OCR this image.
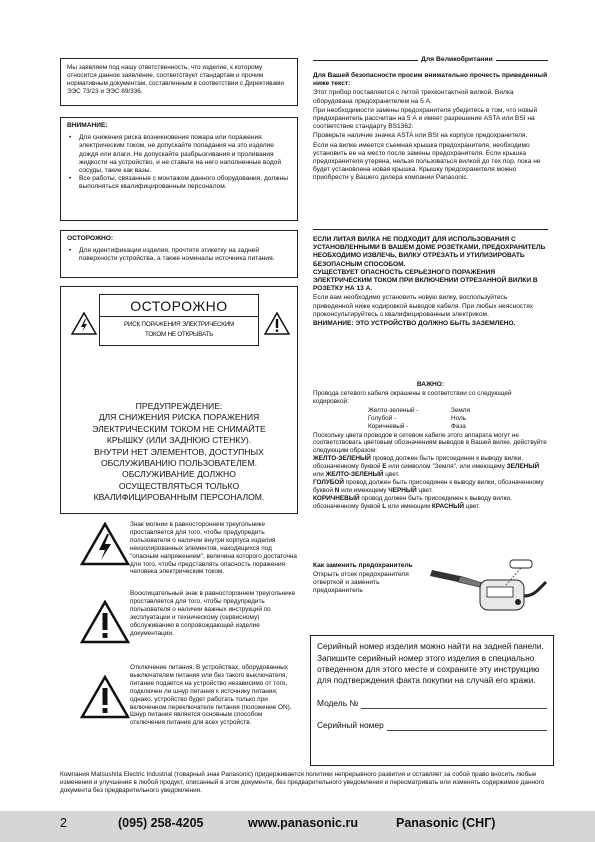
Мы заявляем под нашу ответственность, что изделие, к которому относится данное заявление, соответствует стандартам и прочим нормативным документам, составленным в соответствии с Директивами ЭЭС 73/23 и ЭЭС 89/336.
ВНИМАНИЕ:
• Для снижения риска возникновения пожара или поражения электрическим током, не допускайте попадания на это изделие дождя или влаги. Не допускайте разбрызгивания и проливания жидкости на устройство, и не ставьте на него наполненные водой сосуды, такие как вазы.
• Все работы, связанные с монтажом данного оборудования, должны выполняться квалифицированным персоналом.
ОСТОРОЖНО:
• Для идентификации изделия, прочтите этикетку на задней поверхности устройства, а также номиналы источника питания.
ОСТОРОЖНО
РИСК ПОРАЖЕНИЯ ЭЛЕКТРИЧЕСКИМ ТОКОМ НЕ ОТКРЫВАТЬ
ПРЕДУПРЕЖДЕНИЕ:
ДЛЯ СНИЖЕНИЯ РИСКА ПОРАЖЕНИЯ
ЭЛЕКТРИЧЕСКИМ ТОКОМ НЕ СНИМАЙТЕ
КРЫШКУ (ИЛИ ЗАДНЮЮ СТЕНКУ).
ВНУТРИ НЕТ ЭЛЕМЕНТОВ, ДОСТУПНЫХ
ОБСЛУЖИВАНИЮ ПОЛЬЗОВАТЕЛЕМ.
ОБСЛУЖИВАНИЕ ДОЛЖНО
ОСУЩЕСТВЛЯТЬСЯ ТОЛЬКО
КВАЛИФИЦИРОВАННЫМ ПЕРСОНАЛОМ.
Знак молнии в равностороннем треугольнике проставляется для того, чтобы предупредить пользователя о наличии внутри корпуса изделия неизолированных элементов, находящихся под "опасным напряжением", величина которого достаточна для того, чтобы представлять опасность поражения человека электрическим током.
Восклицательный знак в равностороннем треугольнике проставляется для того, чтобы предупредить пользователя о наличии важных инструкций по эксплуатации и техническому (сервисному) обслуживанию в сопровождающей изделие документации.
Отключение питания. В устройствах, оборудованных выключателем питания или без такого выключателя, питание подается на устройство независимо от того, подключен ли шнур питания к источнику питания; однако, устройство будет работать только при включенном переключателе питания (положение ON). Шнур питания является основным способом отключения питания для всех устройств.
Для Великобритании
Для Вашей безопасности просим внимательно прочесть приведенный ниже текст:
Этот прибор поставляется с литой трехконтактной вилкой. Вилка оборудована предохранителем на 5 А.
При необходимости замены предохранителя убедитесь в том, что новый предохранитель рассчитан на 5 А и имеет разрешение ASTA или BSI на соответствие стандарту BS1362.
Проверьте наличие значка ASTA или BSI на корпусе предохранителя.
Если на вилке имеется съемная крышка предохранителя, необходимо установить ее на место после замены предохранителя. Если крышка предохранителя утеряна, нельзя пользоваться вилкой до тех пор, пока не будет установлена новая крышка. Крышку предохранителя можно приобрести у Вашего дилера компании Panasonic.
ЕСЛИ ЛИТАЯ ВИЛКА НЕ ПОДХОДИТ ДЛЯ ИСПОЛЬЗОВАНИЯ С УСТАНОВЛЕННЫМИ В ВАШЕМ ДОМЕ РОЗЕТКАМИ, ПРЕДОХРАНИТЕЛЬ НЕОБХОДИМО ИЗВЛЕЧЬ, ВИЛКУ ОТРЕЗАТЬ И УТИЛИЗИРОВАТЬ БЕЗОПАСНЫМ СПОСОБОМ.
СУЩЕСТВУЕТ ОПАСНОСТЬ СЕРЬЕЗНОГО ПОРАЖЕНИЯ ЭЛЕКТРИЧЕСКИМ ТОКОМ ПРИ ВКЛЮЧЕНИИ ОТРЕЗАННОЙ ВИЛКИ В РОЗЕТКУ НА 13 А.
Если вам необходимо установить новую вилку, воспользуйтесь приведенной ниже кодировкой выводов кабеля. При любых неясностях проконсультируйтесь с квалифицированным электриком.
ВНИМАНИЕ: ЭТО УСТРОЙСТВО ДОЛЖНО БЫТЬ ЗАЗЕМЛЕНО.
ВАЖНО:
Провода сетевого кабеля окрашены в соответствии со следующей кодировкой:
Желто-зеленый -	Земля
Голубой -	Ноль
Коричневый -	Фаза
Поскольку цвета проводов в сетевом кабеле этого аппарата могут не соответствовать цветовым обозначениям выводов в Вашей вилке, действуйте следующим образом:
ЖЕЛТО-ЗЕЛЕНЫЙ провод должен быть присоединен к выводу вилки, обозначенному буквой E или символом "Земля", или имеющему ЗЕЛЕНЫЙ или ЖЕЛТО-ЗЕЛЕНЫЙ цвет.
ГОЛУБОЙ провод должен быть присоединен к выводу вилки, обозначенному буквой N или имеющему ЧЕРНЫЙ цвет.
КОРИЧНЕВЫЙ провод должен быть присоединен к выводу вилки, обозначенному буквой L или имеющим КРАСНЫЙ цвет.
Как заменить предохранитель
Открыть отсек предохранителя отверткой и заменить предохранитель
Серийный номер изделия можно найти на задней панели.
Запишите серийный номер этого изделия в специально отведенном для этого месте и сохраните эту инструкцию для подтверждения факта покупки на случай его кражи.
Модель №
Серийный номер
Компания Matsushita Electric Industrial (товарный знак Panasonic) придерживается политики непрерывного развития и оставляет за собой право вносить любые изменения и улучшения в любой продукт, описанный в этом документе, без предварительного уведомления и пересматривать или изменять содержимое данного документа без предварительного уведомления.
2	(095) 258-4205	www.panasonic.ru	Panasonic (СНГ)
